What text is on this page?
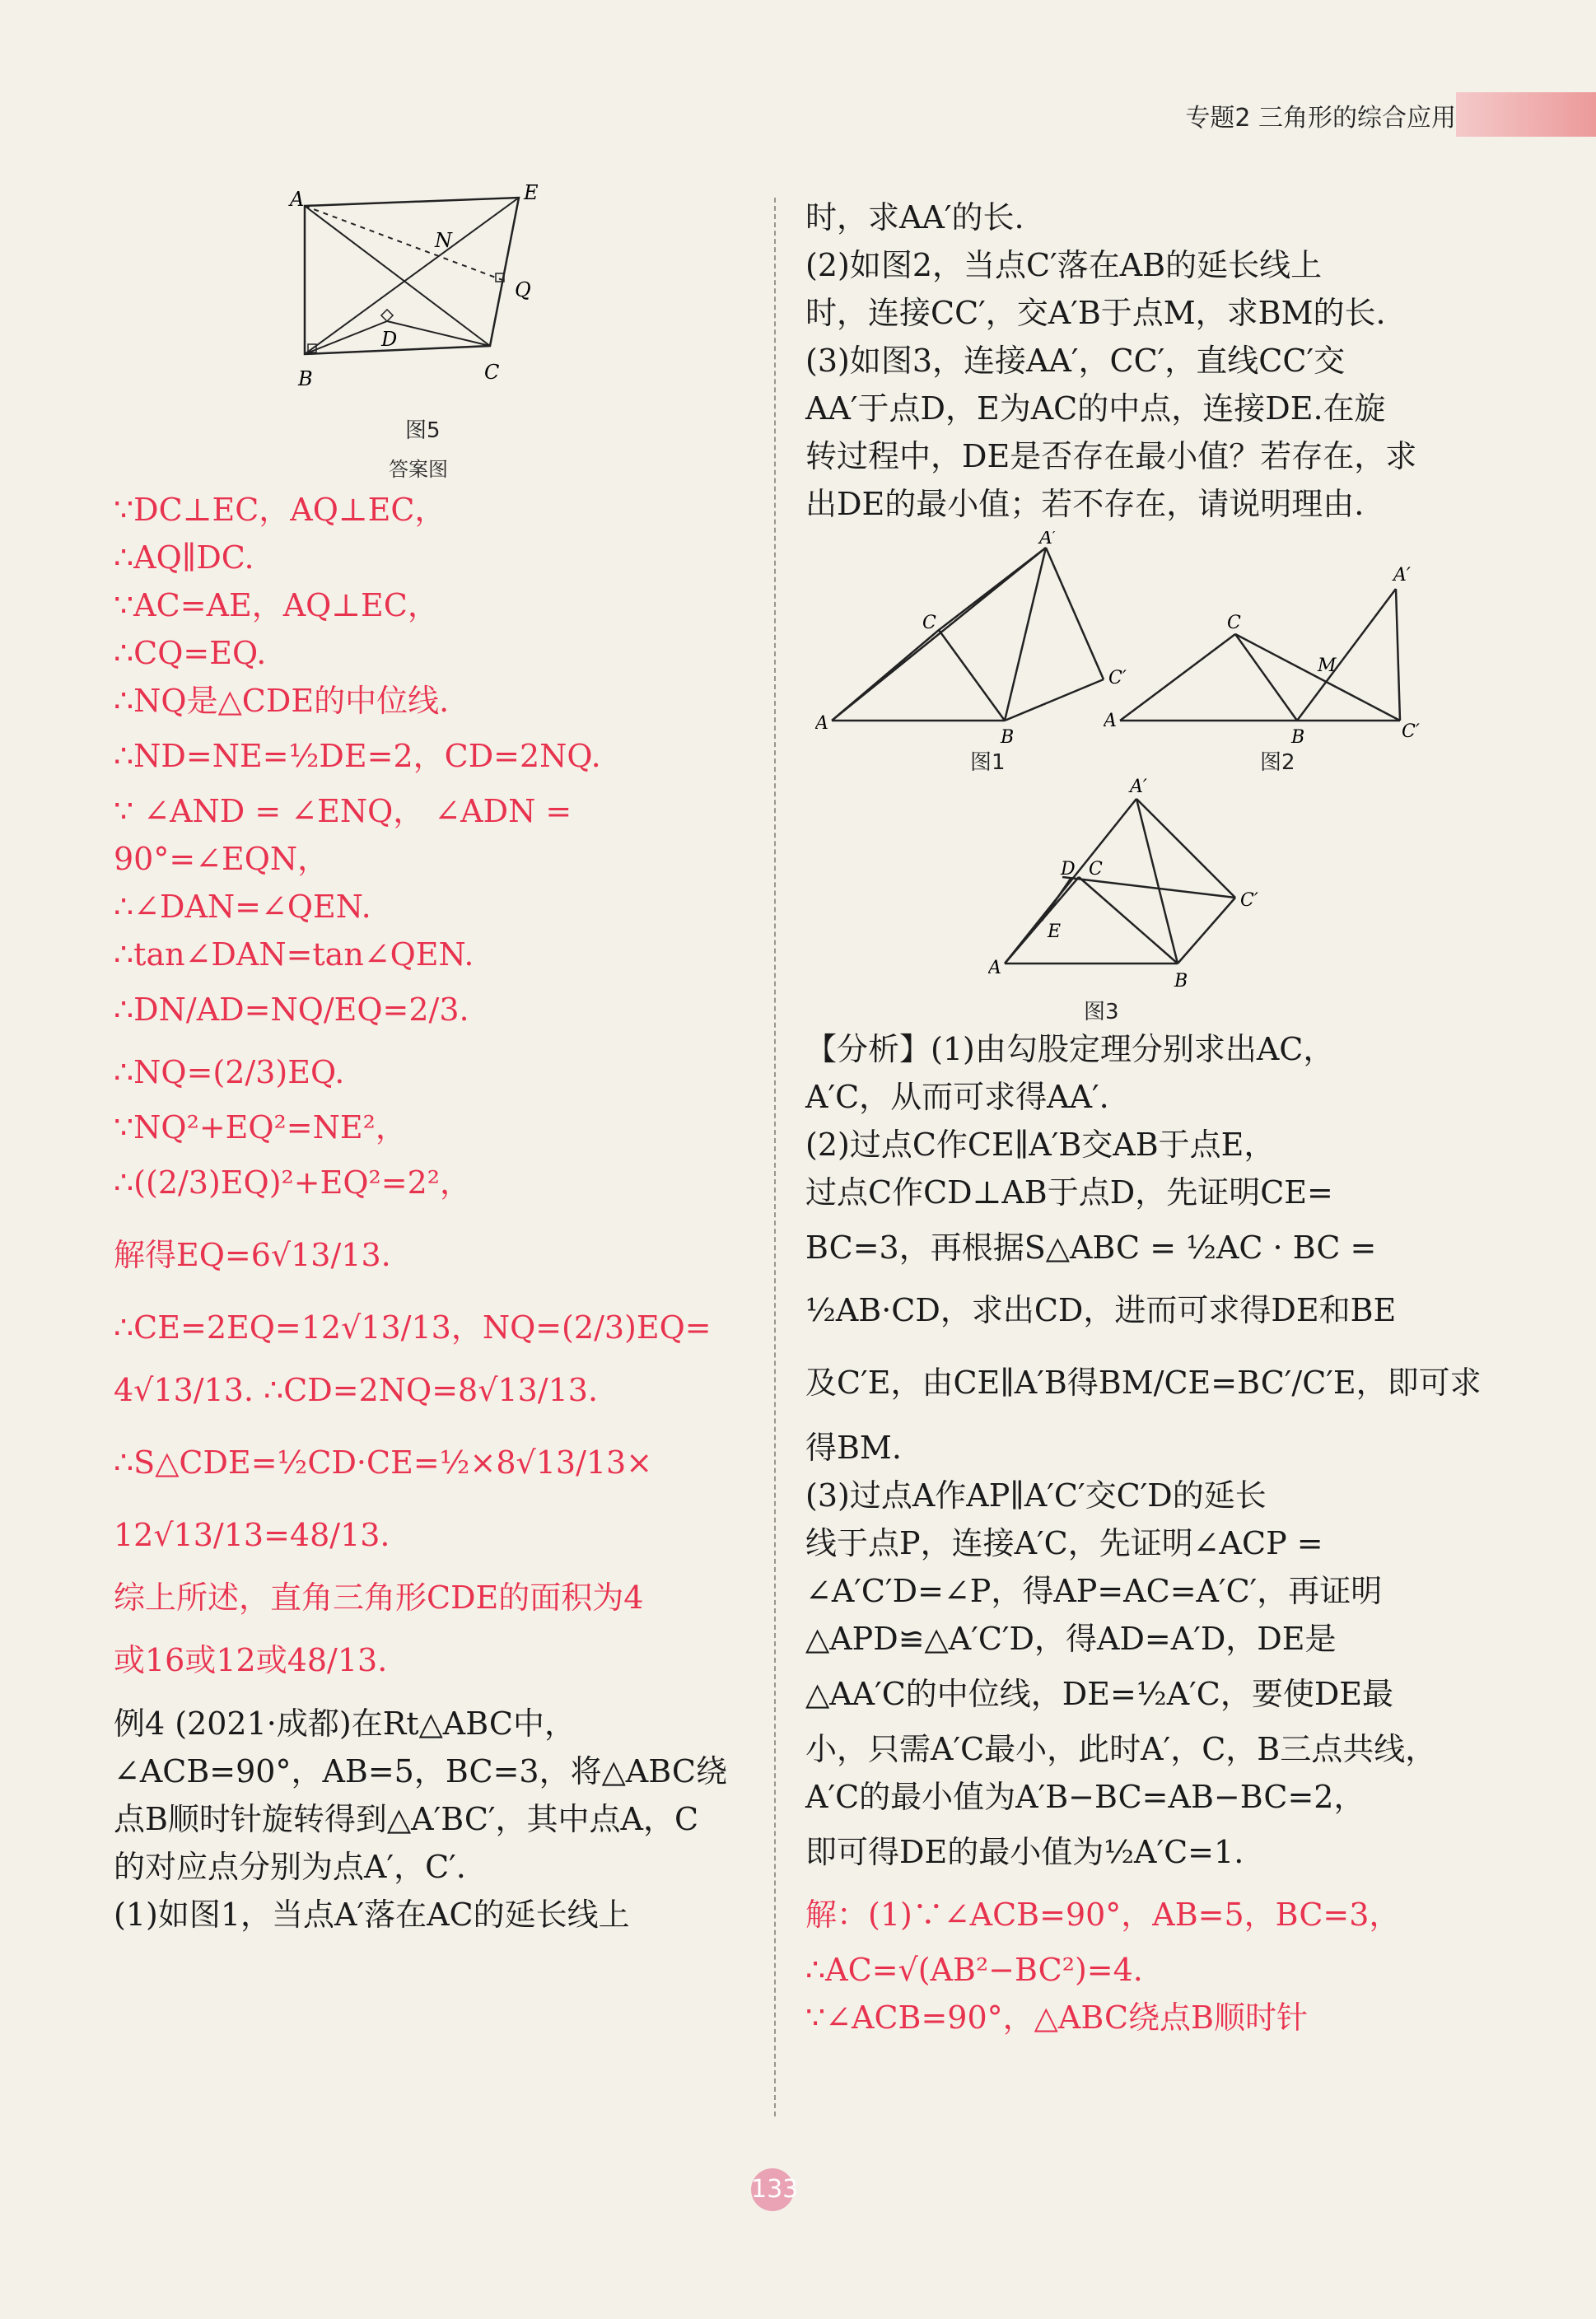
专题2 三角形的综合应用
A	E
N
Q
D
B	C
图5
答案图

∵DC⊥EC，AQ⊥EC，

∴AQ∥DC.

∵AC=AE，AQ⊥EC，

∴CQ=EQ.

∴NQ是△CDE的中位线.

∴ND=NE=½DE=2，CD=2NQ.

∵ ∠AND = ∠ENQ， ∠ADN =

90°=∠EQN，

∴∠DAN=∠QEN.

∴tan∠DAN=tan∠QEN.

∴DN/AD=NQ/EQ=2/3.

∴NQ=(2/3)EQ.

∵NQ²+EQ²=NE²，

∴((2/3)EQ)²+EQ²=2²，

解得EQ=6√13/13.

∴CE=2EQ=12√13/13，NQ=(2/3)EQ=

4√13/13. ∴CD=2NQ=8√13/13.

∴S△CDE=½CD·CE=½×8√13/13×

12√13/13=48/13.

综上所述，直角三角形CDE的面积为4

或16或12或48/13.

例4 (2021·成都)在Rt△ABC中，

∠ACB=90°，AB=5，BC=3，将△ABC绕

点B顺时针旋转得到△A′BC′，其中点A，C

的对应点分别为点A′，C′.

(1)如图1，当点A′落在AC的延长线上

时，求AA′的长.

(2)如图2，当点C′落在AB的延长线上

时，连接CC′，交A′B于点M，求BM的长.

(3)如图3，连接AA′，CC′，直线CC′交

AA′于点D，E为AC的中点，连接DE.在旋

转过程中，DE是否存在最小值？若存在，求

出DE的最小值；若不存在，请说明理由.

A′
C
C′
A
B
图1
A′
C
M
A
B	C′
图2
A′
D C
C′
E
A
B
图3

【分析】(1)由勾股定理分别求出AC，

A′C，从而可求得AA′.

(2)过点C作CE∥A′B交AB于点E，

过点C作CD⊥AB于点D，先证明CE=

BC=3，再根据S△ABC = ½AC · BC =

½AB·CD，求出CD，进而可求得DE和BE

及C′E，由CE∥A′B得BM/CE=BC′/C′E，即可求

得BM.

(3)过点A作AP∥A′C′交C′D的延长

线于点P，连接A′C，先证明∠ACP =

∠A′C′D=∠P，得AP=AC=A′C′，再证明

△APD≌△A′C′D，得AD=A′D，DE是

△AA′C的中位线，DE=½A′C，要使DE最

小，只需A′C最小，此时A′，C，B三点共线，

A′C的最小值为A′B−BC=AB−BC=2，

即可得DE的最小值为½A′C=1.

解：(1)∵∠ACB=90°，AB=5，BC=3，

∴AC=√(AB²−BC²)=4.

∵∠ACB=90°，△ABC绕点B顺时针

133
